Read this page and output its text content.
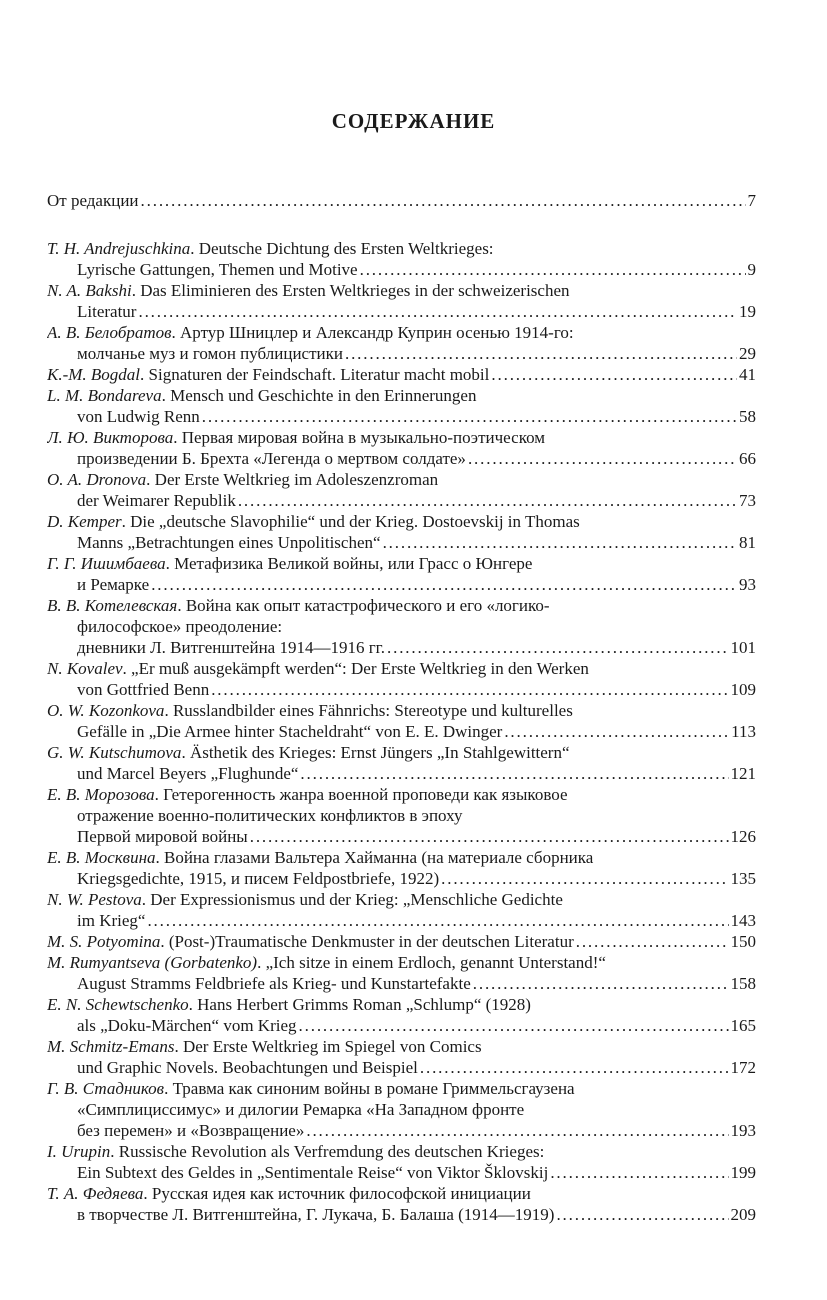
СОДЕРЖАНИЕ
От редакции . . .	7
T. H. Andrejuschkina. Deutsche Dichtung des Ersten Weltkrieges:
Lyrische Gattungen, Themen und Motive . . .	9
N. A. Bakshi. Das Eliminieren des Ersten Weltkrieges in der schweizerischen
Literatur . . .	19
А. В. Белобратов. Артур Шницлер и Александр Куприн осенью 1914-го:
молчанье муз и гомон публицистики . . .	29
K.-M. Bogdal. Signaturen der Feindschaft. Literatur macht mobil . . .	41
L. M. Bondareva. Mensch und Geschichte in den Erinnerungen
von Ludwig Renn . . .	58
Л. Ю. Викторова. Первая мировая война в музыкально-поэтическом
произведении Б. Брехта «Легенда о мертвом солдате» . . .	66
O. A. Dronova. Der Erste Weltkrieg im Adoleszenzroman
der Weimarer Republik . . .	73
D. Kemper. Die „deutsche Slavophilie“ und der Krieg. Dostoevskij in Thomas
Manns „Betrachtungen eines Unpolitischen“ . . .	81
Г. Г. Ишимбаева. Метафизика Великой войны, или Грасс о Юнгере
и Ремарке . . .	93
В. В. Котелевская. Война как опыт катастрофического и его «логико-
философское» преодоление:
дневники Л. Витгенштейна 1914—1916 гг. . . .	101
N. Kovalev. „Er muß ausgekämpft werden“: Der Erste Weltkrieg in den Werken
von Gottfried Benn . . .	109
O. W. Kozonkova. Russlandbilder eines Fähnrichs: Stereotype und kulturelles
Gefälle in „Die Armee hinter Stacheldraht“ von E. E. Dwinger . . .	113
G. W. Kutschumova. Ästhetik des Krieges: Ernst Jüngers „In Stahlgewittern“
und Marcel Beyers „Flughunde“ . . .	121
Е. В. Морозова. Гетерогенность жанра военной проповеди как языковое
отражение военно-политических конфликтов в эпоху
Первой мировой войны . . .	126
Е. В. Москвина. Война глазами Вальтера Хайманна (на материале сборника
Kriegsgedichte, 1915, и писем Feldpostbriefe, 1922) . . .	135
N. W. Pestova. Der Expressionismus und der Krieg: „Menschliche Gedichte
im Krieg“ . . .	143
M. S. Potyomina. (Post-)Traumatische Denkmuster in der deutschen Literatur . . .	150
M. Rumyantseva (Gorbatenko). „Ich sitze in einem Erdloch, genannt Unterstand!“
August Stramms Feldbriefe als Krieg- und Kunstartefakte . . .	158
E. N. Schewtschenko. Hans Herbert Grimms Roman „Schlump“ (1928)
als „Doku-Märchen“ vom Krieg . . .	165
M. Schmitz-Emans. Der Erste Weltkrieg im Spiegel von Comics
und Graphic Novels. Beobachtungen und Beispiel . . .	172
Г. В. Стадников. Травма как синоним войны в романе Гриммельсгаузена
«Симплициссимус» и дилогии Ремарка «На Западном фронте
без перемен» и «Возвращение» . . .	193
I. Urupin. Russische Revolution als Verfremdung des deutschen Krieges:
Ein Subtext des Geldes in „Sentimentale Reise“ von Viktor Šklovskij . . .	199
Т. А. Федяева. Русская идея как источник философской инициации
в творчестве Л. Витгенштейна, Г. Лукача, Б. Балаша (1914—1919) . . .	209
